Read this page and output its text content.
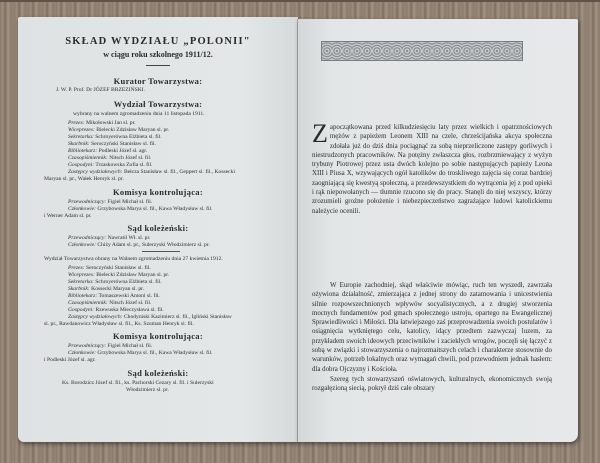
SKŁAD WYDZIAŁU „POLONII"
w ciągu roku szkolnego 1911/12.
Kurator Towarzystwa:
J. W. P. Prof. Dr JÓZEF BRZEZIŃSKI.
Wydział Towarzystwa:
wybrany na walnem zgromadzeniu dnia 11 listopada 1911.
Prezes: Mikołowski Jan sl. pr.
Wiceprezes: Bielecki Zdzisław Maryan sl. pr.
Sekretarka: Schroyerówna Elżbieta sl. fil.
Skarbnik: Seroczyński Stanisław sl. fil.
Bibliotekarz: Podleski Józef sl. agr.
Czasopiśmiennik: Nitsch Józef sl. fil.
Gospodyni: Trzaskowska Zofia sl. fil.
Zastępcy wydziałowych: Bełcza Stanisław sl. fil., Geppert sl. fil., Kossecki
Maryan sl. pr., Wałek Henryk sl. pr.
Komisya kontrolująca:
Przewodniczący: Figiel Michał sl. fil.
Członkowie: Grzybowska Marya sl. fil., Kawa Władysław sl. fil.
i Werner Adam sl. pr.
Sąd koleżeński:
Przewodniczący: Nawratil Wł. sl. pr.
Członkowie: Chiży Adam sl. pr., Sulerzyski Włodzimierz sl. pr.
Wydział Towarzystwa obrany na Walnem zgromadzeniu dnia 27 kwietnia 1912.
Prezes: Seroczyński Stanisław sl. fil.
Wiceprezes: Bielecki Zdzisław Maryan sl. pr.
Sekretarka: Schroyerówna Elżbieta sl. fil.
Skarbnik: Kossecki Maryan sl. pr.
Bibliotekarz: Tomaszewski Antoni sl. fil.
Czasopiśmiennik: Nitsch Józef sl. fil.
Gospodyni: Rzewuska Mieczysława sl. fil.
Zastępcy wydziałowych: Chodyniski Kazimierz sl. fil., Igliński Stanisław
sl. pr., Rawdanowicz Władysław sl. fil., Ks. Szuman Henryk sl. fil.
Komisya kontrolująca:
Przewodniczący: Figiel Michał sl. fil.
Członkowie: Grzybowska Marya sl. fil., Kawa Władysław sl. fil.
i Podleski Józef sl. agr.
Sąd koleżeński:
Ks. Borodzicz Józef sl. fil., ks. Pachorski Cezary sl. fil. i Sulerzyski
Włodzimierz sl. pr.
Zapoczątkowana przed kilkudziesięciu laty przez wielkich i opatrznościowych mężów z papieżem Leonem XIII na czele, chrześcijańska akcya społeczna zdołała już do dziś dnia pociągnąć za sobą nieprzeliczone zastępy gorliwych i niestrudzonych pracowników. Na potężny zwłaszcza głos, rozbrzmiewający z wyżyn trybuny Piotrowej przez usta dwóch kolejno po sobie następujących papieży Leona XIII i Piusa X, wzywających ogół katolików do troskliwego zajęcia się coraz bardziej zaogniającą się kwestyą społeczną, a przedewszystkiem do wytrącenia jej z pod opieki i rąk niepowołanych — tłumnie rzucono się do pracy. Stanęli do niej wszyscy, którzy zrozumieli groźne położenie i niebezpieczeństwo zagrażające ludowi katolickiemu należycie ocenili.
W Europie zachodniej, skąd właściwie mówiąc, ruch ten wyszedł, zawrzała ożywiona działalność, zmierzająca z jednej strony do zatamowania i unicestwienia silnie rozpowszechnionych wpływów socyalistycznych, a z drugiej stworzenia mocnych fundamentów pod gmach społecznego ustroju, opartego na Ewangelicznej Sprawiedliwości i Miłości. Dla łatwiejszego zaś przeprowadzenia swoich postulatów i osiągnięcia wytkniętego celu, katolicy, idący przedtem zazwyczaj luzem, za przykładem swoich ideowych przeciwników i zaciekłych wrogów, poczęli się łączyć z sobą w związki i stowarzyszenia o najrozmaitszych celach i charakterze stosownie do warunków, potrzeb lokalnych oraz wymagań chwili, pod przewodniem jednak hasłem: dla dobra Ojczyzny i Kościoła.
Szereg tych stowarzyszeń oświatowych, kulturalnych, ekonomicznych swoją rozgałęzioną siecią, pokrył dziś całe obszary
